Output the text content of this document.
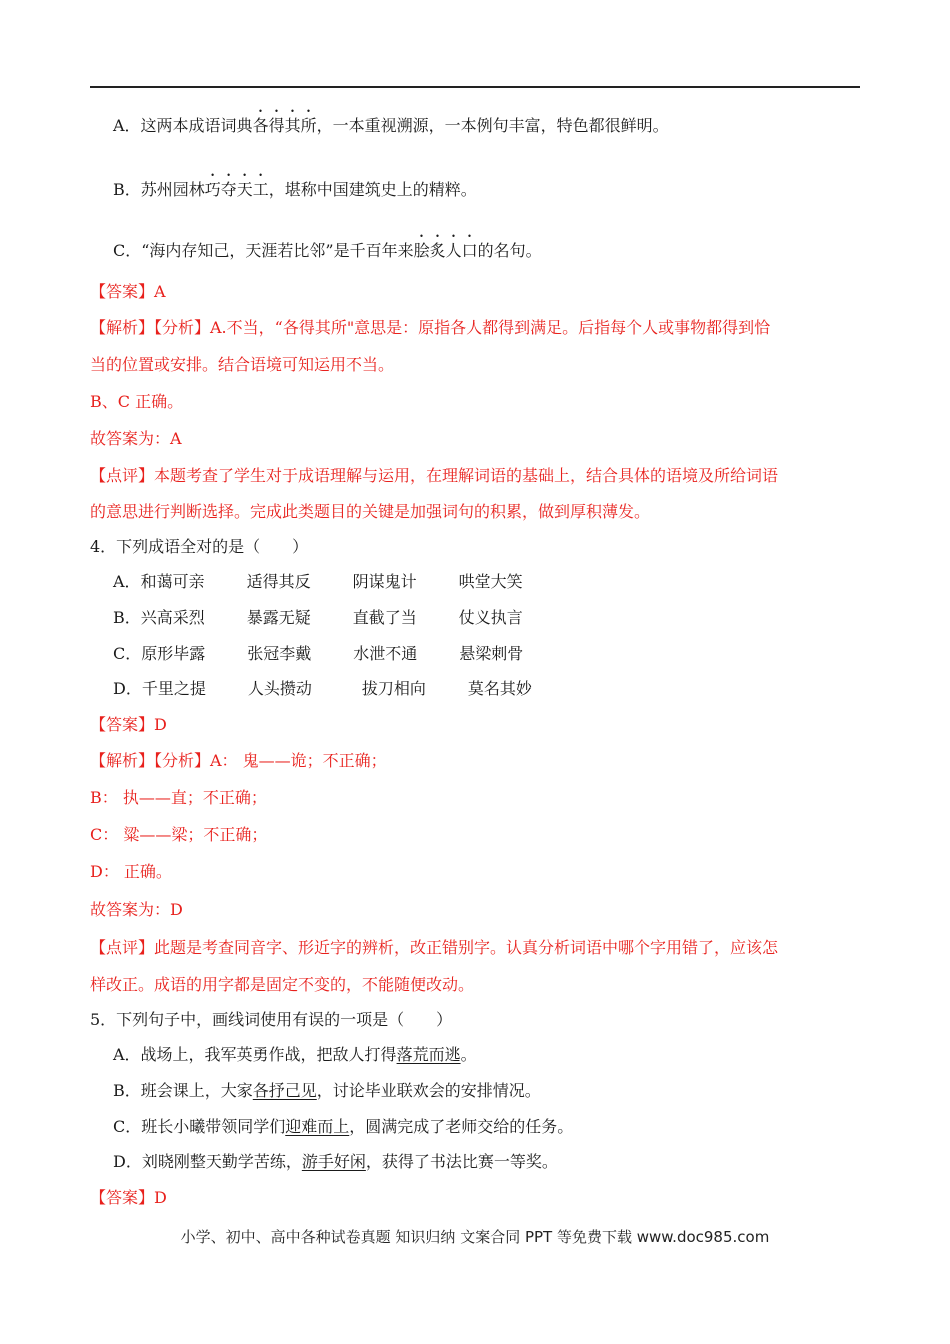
A．这两本成语词典各得其所，一本重视溯源，一本例句丰富，特色都很鲜明。
B．苏州园林巧夺天工，堪称中国建筑史上的精粹。
C．“海内存知己，天涯若比邻”是千百年来脍炙人口的名句。
【答案】A
【解析】【分析】A.不当，“各得其所"意思是：原指各人都得到满足。后指每个人或事物都得到恰
当的位置或安排。结合语境可知运用不当。
B、C 正确。
故答案为：A
【点评】本题考查了学生对于成语理解与运用，在理解词语的基础上，结合具体的语境及所给词语
的意思进行判断选择。完成此类题目的关键是加强词句的积累，做到厚积薄发。
4．下列成语全对的是（　　）
A．和蔼可亲	适得其反	阴谋鬼计	哄堂大笑
B．兴高采烈	暴露无疑	直截了当	仗义执言
C．原形毕露	张冠李戴	水泄不通	悬梁刺骨
D．千里之提	人头攒动	拔刀相向	莫名其妙
【答案】D
【解析】【分析】A： 鬼——诡；不正确；
B： 执——直；不正确；
C： 粱——梁；不正确；
D： 正确。
故答案为：D
【点评】此题是考查同音字、形近字的辨析，改正错别字。认真分析词语中哪个字用错了，应该怎
样改正。成语的用字都是固定不变的，不能随便改动。
5．下列句子中，画线词使用有误的一项是（　　）
A．战场上，我军英勇作战，把敌人打得落荒而逃。
B．班会课上，大家各抒己见，讨论毕业联欢会的安排情况。
C．班长小曦带领同学们迎难而上，圆满完成了老师交给的任务。
D．刘晓刚整天勤学苦练，游手好闲，获得了书法比赛一等奖。
【答案】D
小学、初中、高中各种试卷真题 知识归纳 文案合同 PPT 等免费下载 www.doc985.com
